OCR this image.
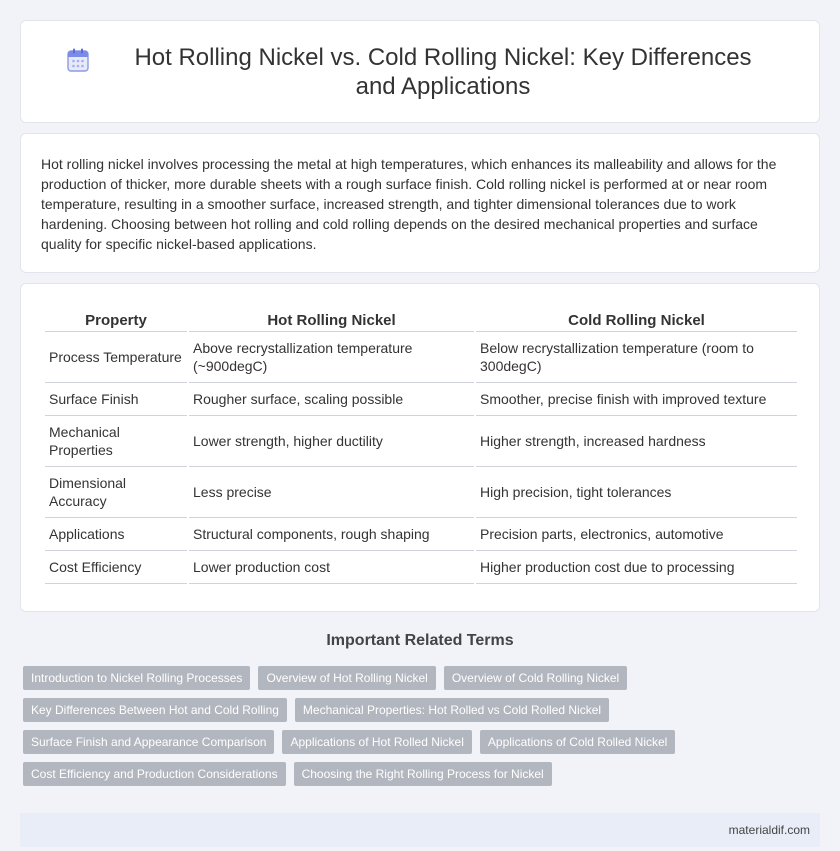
Hot Rolling Nickel vs. Cold Rolling Nickel: Key Differences and Applications

Hot rolling nickel involves processing the metal at high temperatures, which enhances its malleability and allows for the production of thicker, more durable sheets with a rough surface finish. Cold rolling nickel is performed at or near room temperature, resulting in a smoother surface, increased strength, and tighter dimensional tolerances due to work hardening. Choosing between hot rolling and cold rolling depends on the desired mechanical properties and surface quality for specific nickel-based applications.

Property	Hot Rolling Nickel	Cold Rolling Nickel
Process Temperature	Above recrystallization temperature (~900degC)	Below recrystallization temperature (room to 300degC)
Surface Finish	Rougher surface, scaling possible	Smoother, precise finish with improved texture
Mechanical Properties	Lower strength, higher ductility	Higher strength, increased hardness
Dimensional Accuracy	Less precise	High precision, tight tolerances
Applications	Structural components, rough shaping	Precision parts, electronics, automotive
Cost Efficiency	Lower production cost	Higher production cost due to processing
Important Related Terms
Introduction to Nickel Rolling Processes	Overview of Hot Rolling Nickel	Overview of Cold Rolling Nickel
Key Differences Between Hot and Cold Rolling	Mechanical Properties: Hot Rolled vs Cold Rolled Nickel
Surface Finish and Appearance Comparison	Applications of Hot Rolled Nickel	Applications of Cold Rolled Nickel
Cost Efficiency and Production Considerations	Choosing the Right Rolling Process for Nickel
materialdif.com
